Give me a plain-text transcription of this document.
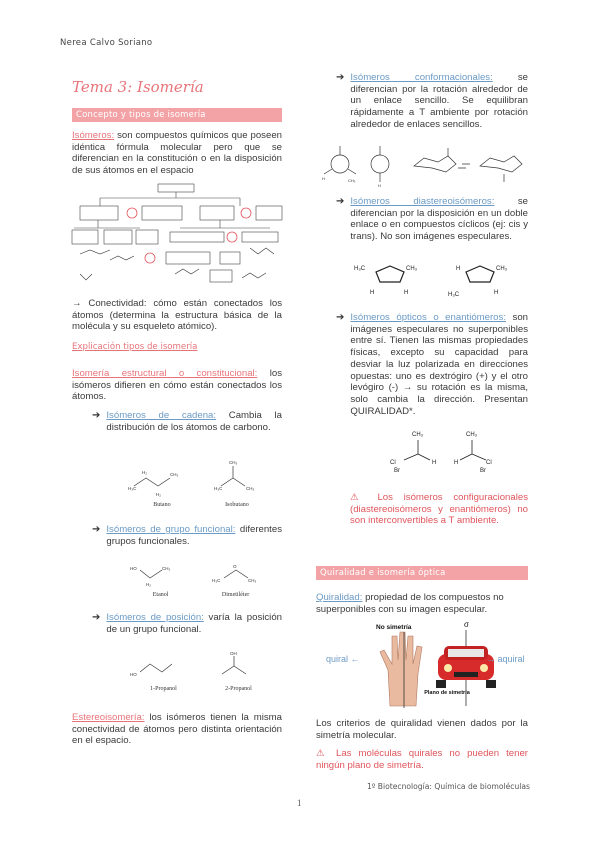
Nerea Calvo Soriano
Tema 3: Isomería
Concepto y tipos de isomería
Isómeros: son compuestos químicos que poseen idéntica fórmula molecular pero que se diferencian en la constitución o en la disposición de sus átomos en el espacio
→ Conectividad: cómo están conectados los átomos (determina la estructura básica de la molécula y su esqueleto atómico).
Explicación tipos de isomería
Isomería estructural o constitucional: los isómeros difieren en cómo están conectados los átomos.
➔ Isómeros de cadena: Cambia la distribución de los átomos de carbono.
H₃C
H₂
H₂
CH₃
H₃C	CH₃
CH₃
Butano	Isobutano
➔ Isómeros de grupo funcional: diferentes grupos funcionales.
HO	CH₃
H₂
H₃C
O
CH₃
Etanol	Dimetiléter
➔ Isómeros de posición: varía la posición de un grupo funcional.
HO
OH
1-Propanol	2-Propanol
Estereoisomería: los isómeros tienen la misma conectividad de átomos pero distinta orientación en el espacio.
➔ Isómeros conformacionales: se diferencian por la rotación alrededor de un enlace sencillo. Se equilibran rápidamente a T ambiente por rotación alrededor de enlaces sencillos.
H	CH₃
H
➔ Isómeros diastereoisómeros: se diferencian por la disposición en un doble enlace o en compuestos cíclicos (ej: cis y trans). No son imágenes especulares.
H₃C	CH₃
H	H
H	CH₃
H₃C	H
➔ Isómeros ópticos o enantiómeros: son imágenes especulares no superponibles entre sí. Tienen las mismas propiedades físicas, excepto su capacidad para desviar la luz polarizada en direcciones opuestas: uno es dextrógiro (+) y el otro levógiro (-) → su rotación es la misma, solo cambia la dirección. Presentan QUIRALIDAD*.
CH₃
Cl
Br
H
CH₃
H	Cl
Br
⚠ Los isómeros configuracionales (diastereoisómeros y enantiómeros) no son interconvertibles a T ambiente.
Quiralidad e isomería óptica
Quiralidad: propiedad de los compuestos no superponibles con su imagen especular.
No simetría	σ
quiral ←	→ aquiral
Plano de simetría
Los criterios de quiralidad vienen dados por la simetría molecular.
⚠ Las moléculas quirales no pueden tener ningún plano de simetría.
1º Biotecnología: Química de biomoléculas
1
